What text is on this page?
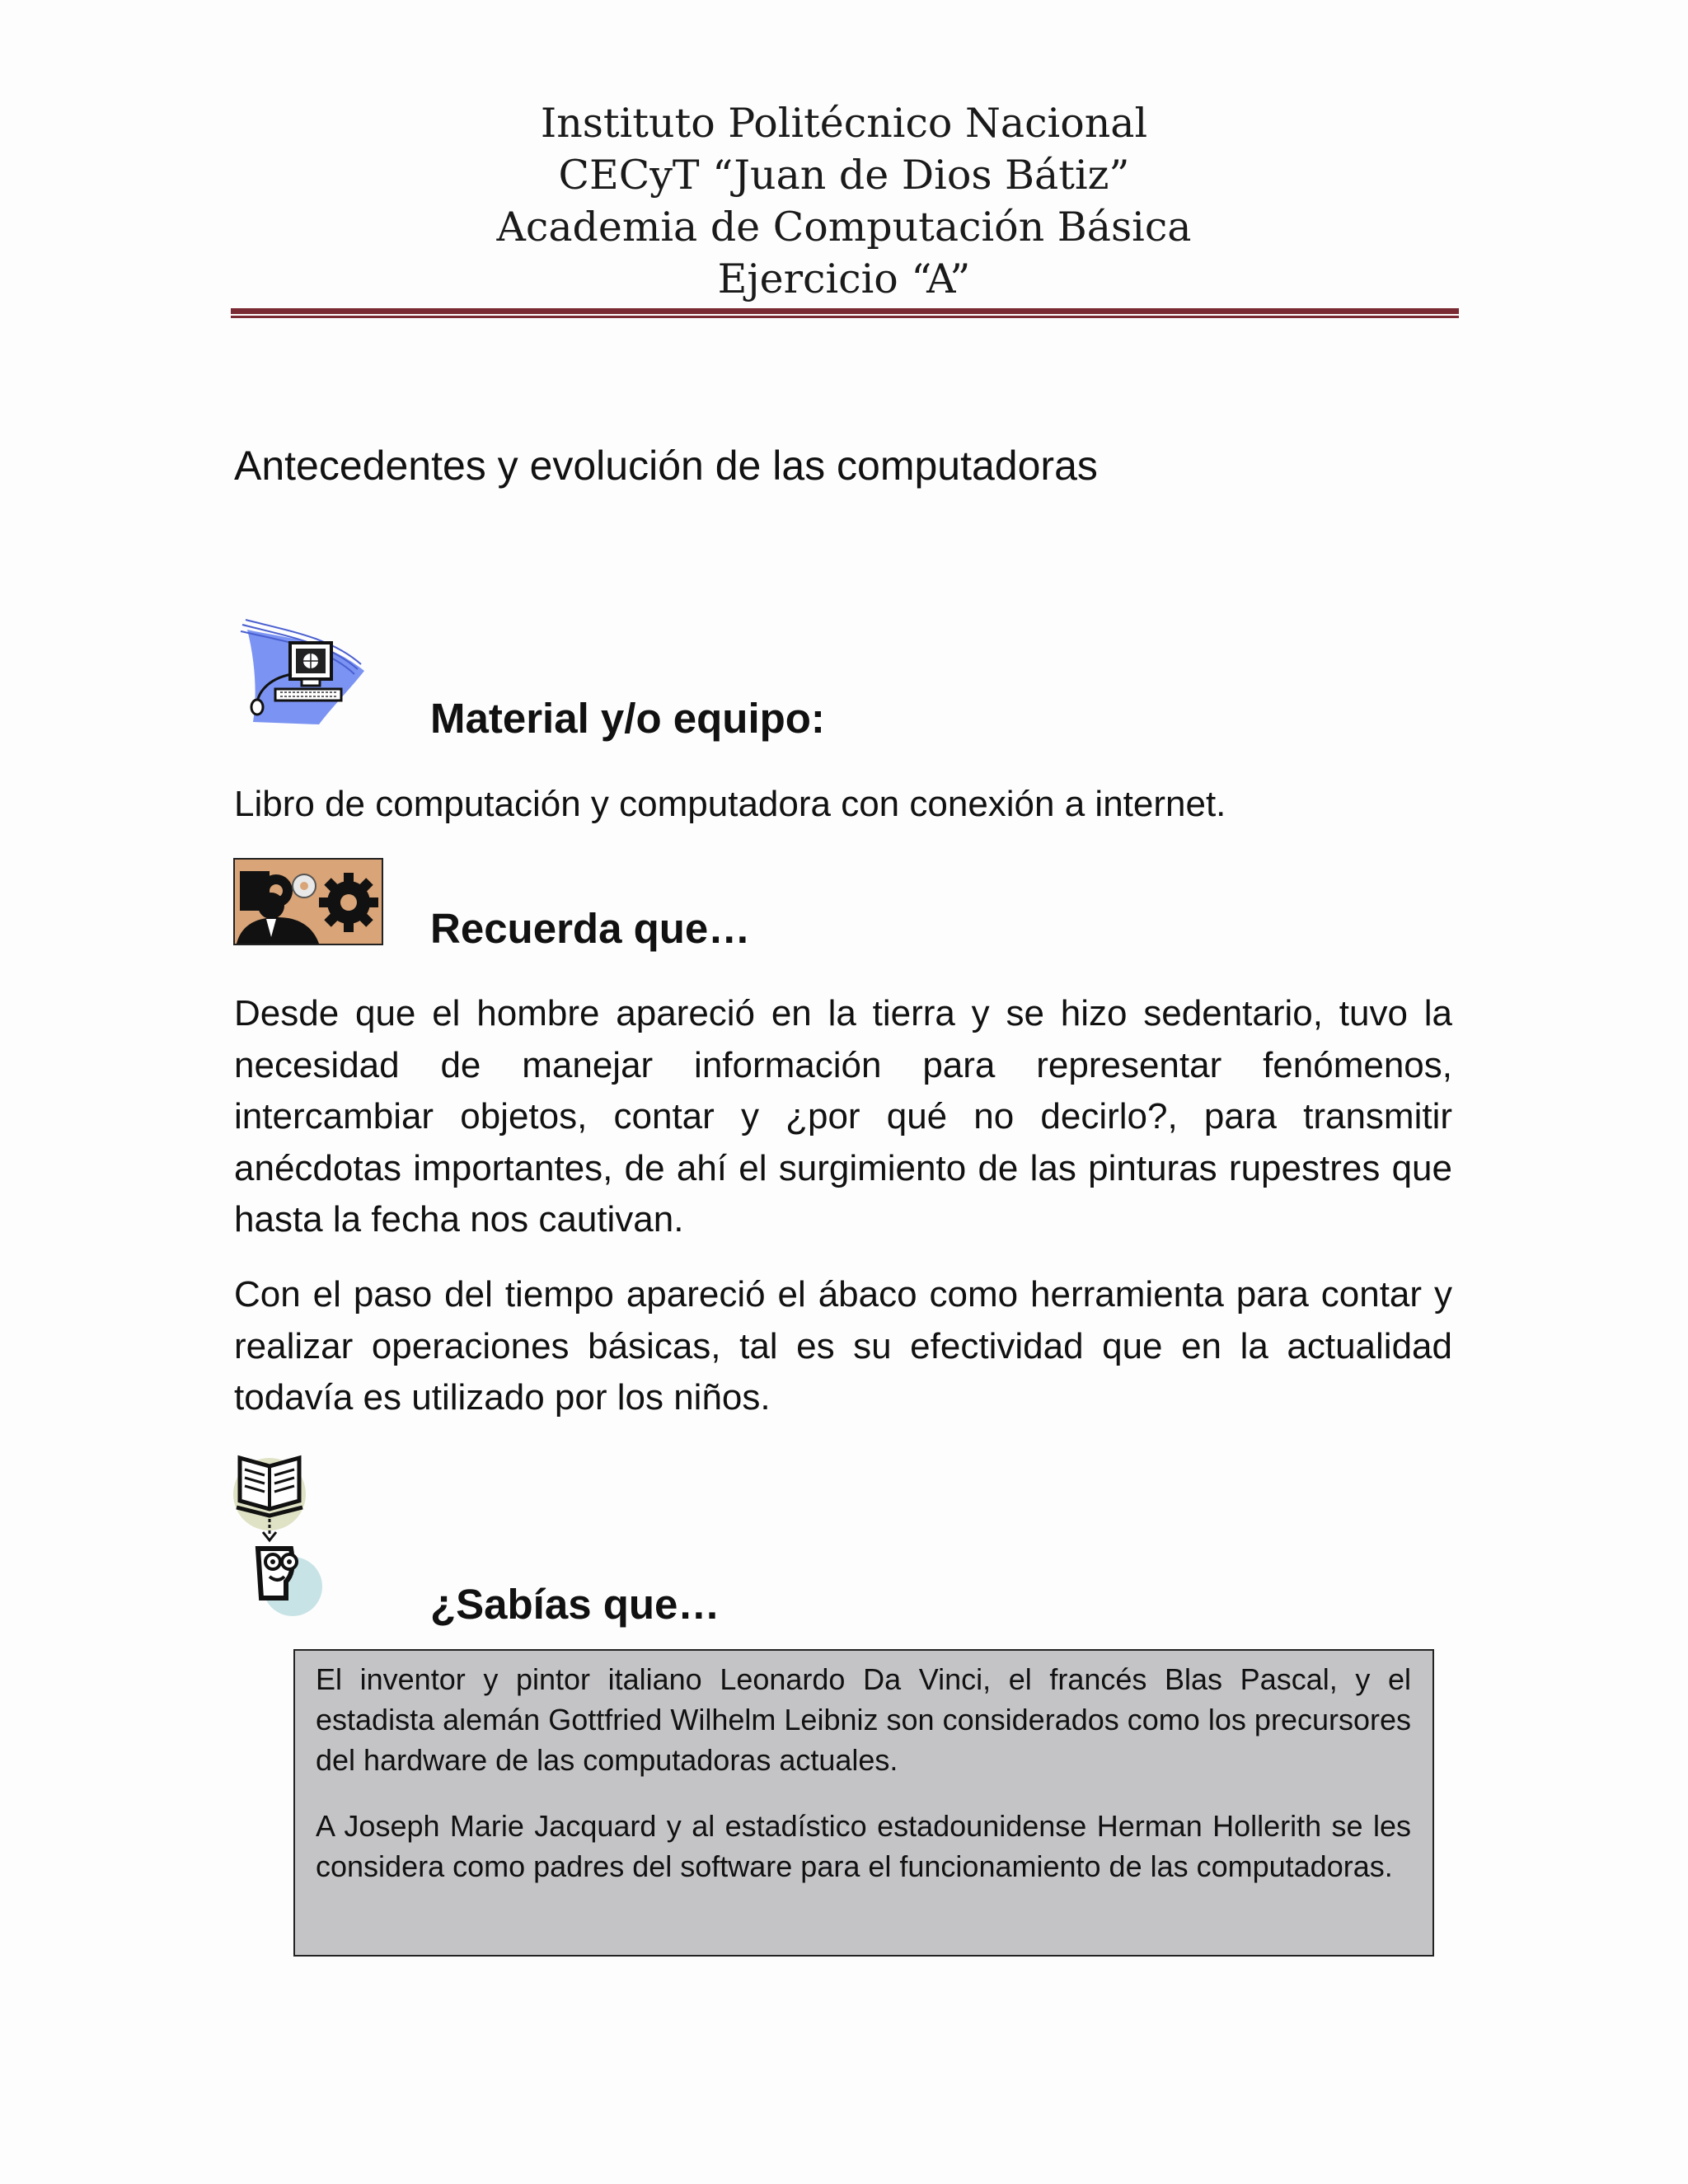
Instituto Politécnico Nacional
CECyT “Juan de Dios Bátiz”
Academia de Computación Básica
Ejercicio “A”
Antecedentes y evolución de las computadoras
Material y/o equipo:

Libro de computación y computadora con conexión a internet.

Recuerda que…

Desde que el hombre apareció en la tierra y se hizo sedentario, tuvo la necesidad de manejar información para representar fenómenos, intercambiar objetos, contar y ¿por qué no decirlo?, para transmitir anécdotas importantes, de ahí el surgimiento de las pinturas rupestres que hasta la fecha nos cautivan.

Con el paso del tiempo apareció el ábaco como herramienta para contar y realizar operaciones básicas, tal es su efectividad que en la actualidad todavía es utilizado por los niños.

¿Sabías que…

El inventor y pintor italiano Leonardo Da Vinci, el francés Blas Pascal, y el estadista alemán Gottfried Wilhelm Leibniz son considerados como los precursores del hardware de las computadoras actuales.

A Joseph Marie Jacquard y al estadístico estadounidense Herman Hollerith se les considera como padres del software para el funcionamiento de las computadoras.
